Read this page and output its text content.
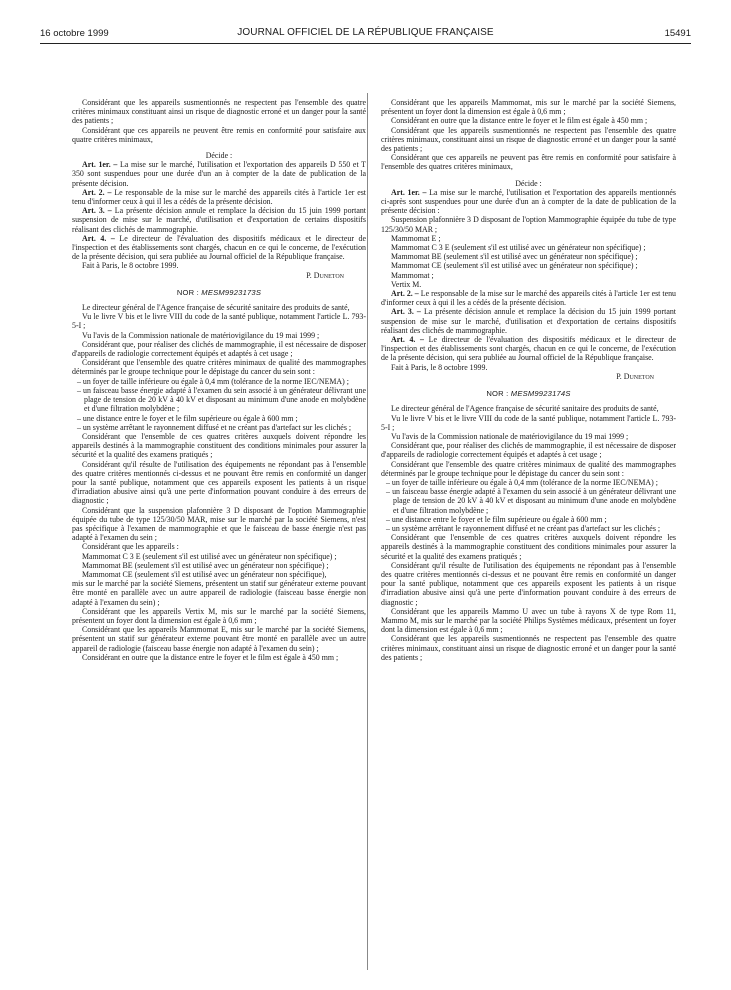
16 octobre 1999	JOURNAL OFFICIEL DE LA RÉPUBLIQUE FRANÇAISE	15491

Considérant que les appareils susmentionnés ne respectent pas l'ensemble des quatre critères minimaux constituant ainsi un risque de diagnostic erroné et un danger pour la santé des patients ;

Considérant que ces appareils ne peuvent être remis en conformité pour satisfaire aux quatre critères minimaux,

Décide :

Art. 1er. – La mise sur le marché, l'utilisation et l'exportation des appareils D 550 et T 350 sont suspendues pour une durée d'un an à compter de la date de publication de la présente décision.

Art. 2. – Le responsable de la mise sur le marché des appareils cités à l'article 1er est tenu d'informer ceux à qui il les a cédés de la présente décision.

Art. 3. – La présente décision annule et remplace la décision du 15 juin 1999 portant suspension de mise sur le marché, d'utilisation et d'exportation de certains dispositifs réalisant des clichés de mammographie.

Art. 4. – Le directeur de l'évaluation des dispositifs médicaux et le directeur de l'inspection et des établissements sont chargés, chacun en ce qui le concerne, de l'exécution de la présente décision, qui sera publiée au Journal officiel de la République française.

Fait à Paris, le 8 octobre 1999.

P. Duneton

NOR : MESM9923173S

Le directeur général de l'Agence française de sécurité sanitaire des produits de santé,

Vu le livre V bis et le livre VIII du code de la santé publique, notamment l'article L. 793-5-I ;

Vu l'avis de la Commission nationale de matériovigilance du 19 mai 1999 ;

Considérant que, pour réaliser des clichés de mammographie, il est nécessaire de disposer d'appareils de radiologie correctement équipés et adaptés à cet usage ;

Considérant que l'ensemble des quatre critères minimaux de qualité des mammographes déterminés par le groupe technique pour le dépistage du cancer du sein sont :

– un foyer de taille inférieure ou égale à 0,4 mm (tolérance de la norme IEC/NEMA) ;

– un faisceau basse énergie adapté à l'examen du sein associé à un générateur délivrant une plage de tension de 20 kV à 40 kV et disposant au minimum d'une anode en molybdène et d'une filtration molybdène ;

– une distance entre le foyer et le film supérieure ou égale à 600 mm ;

– un système arrêtant le rayonnement diffusé et ne créant pas d'artefact sur les clichés ;

Considérant que l'ensemble de ces quatres critères auxquels doivent répondre les appareils destinés à la mammographie constituent des conditions minimales pour assurer la sécurité et la qualité des examens pratiqués ;

Considérant qu'il résulte de l'utilisation des équipements ne répondant pas à l'ensemble des quatre critères mentionnés ci-dessus et ne pouvant être remis en conformité un danger pour la santé publique, notamment que ces appareils exposent les patients à un risque d'irradiation abusive ainsi qu'à une perte d'information pouvant conduire à des erreurs de diagnostic ;

Considérant que la suspension plafonnière 3 D disposant de l'option Mammographie équipée du tube de type 125/30/50 MAR, mise sur le marché par la société Siemens, n'est pas spécifique à l'examen de mammographie et que le faisceau de basse énergie n'est pas adapté à l'examen du sein ;

Considérant que les appareils :

Mammomat C 3 E (seulement s'il est utilisé avec un générateur non spécifique) ;

Mammomat BE (seulement s'il est utilisé avec un générateur non spécifique) ;

Mammomat CE (seulement s'il est utilisé avec un générateur non spécifique),

mis sur le marché par la société Siemens, présentent un statif sur générateur externe pouvant être monté en parallèle avec un autre appareil de radiologie (faisceau basse énergie non adapté à l'examen du sein) ;

Considérant que les appareils Vertix M, mis sur le marché par la société Siemens, présentent un foyer dont la dimension est égale à 0,6 mm ;

Considérant que les appareils Mammomat E, mis sur le marché par la société Siemens, présentent un statif sur générateur externe pouvant être monté en parallèle avec un autre appareil de radiologie (faisceau basse énergie non adapté à l'examen du sein) ;

Considérant en outre que la distance entre le foyer et le film est égale à 450 mm ;

Considérant que les appareils Mammomat, mis sur le marché par la société Siemens, présentent un foyer dont la dimension est égale à 0,6 mm ;

Considérant en outre que la distance entre le foyer et le film est égale à 450 mm ;

Considérant que les appareils susmentionnés ne respectent pas l'ensemble des quatre critères minimaux, constituant ainsi un risque de diagnostic erroné et un danger pour la santé des patients ;

Considérant que ces appareils ne peuvent pas être remis en conformité pour satisfaire à l'ensemble des quatres critères minimaux,

Décide :

Art. 1er. – La mise sur le marché, l'utilisation et l'exportation des appareils mentionnés ci-après sont suspendues pour une durée d'un an à compter de la date de publication de la présente décision :

Suspension plafonnière 3 D disposant de l'option Mammographie équipée du tube de type 125/30/50 MAR ;

Mammomat E ;

Mammomat C 3 E (seulement s'il est utilisé avec un générateur non spécifique) ;

Mammomat BE (seulement s'il est utilisé avec un générateur non spécifique) ;

Mammomat CE (seulement s'il est utilisé avec un générateur non spécifique) ;

Mammomat ;

Vertix M.

Art. 2. – Le responsable de la mise sur le marché des appareils cités à l'article 1er est tenu d'informer ceux à qui il les a cédés de la présente décision.

Art. 3. – La présente décision annule et remplace la décision du 15 juin 1999 portant suspension de mise sur le marché, d'utilisation et d'exportation de certains dispositifs réalisant des clichés de mammographie.

Art. 4. – Le directeur de l'évaluation des dispositifs médicaux et le directeur de l'inspection et des établissements sont chargés, chacun en ce qui le concerne, de l'exécution de la présente décision, qui sera publiée au Journal officiel de la République française.

Fait à Paris, le 8 octobre 1999.

P. Duneton

NOR : MESM9923174S

Le directeur général de l'Agence française de sécurité sanitaire des produits de santé,

Vu le livre V bis et le livre VIII du code de la santé publique, notamment l'article L. 793-5-I ;

Vu l'avis de la Commission nationale de matériovigilance du 19 mai 1999 ;

Considérant que, pour réaliser des clichés de mammographie, il est nécessaire de disposer d'appareils de radiologie correctement équipés et adaptés à cet usage ;

Considérant que l'ensemble des quatre critères minimaux de qualité des mammographes déterminés par le groupe technique pour le dépistage du cancer du sein sont :

– un foyer de taille inférieure ou égale à 0,4 mm (tolérance de la norme IEC/NEMA) ;

– un faisceau basse énergie adapté à l'examen du sein associé à un générateur délivrant une plage de tension de 20 kV à 40 kV et disposant au minimum d'une anode en molybdène et d'une filtration molybdène ;

– une distance entre le foyer et le film supérieure ou égale à 600 mm ;

– un système arrêtant le rayonnement diffusé et ne créant pas d'artefact sur les clichés ;

Considérant que l'ensemble de ces quatres critères auxquels doivent répondre les appareils destinés à la mammographie constituent des conditions minimales pour assurer la sécurité et la qualité des examens pratiqués ;

Considérant qu'il résulte de l'utilisation des équipements ne répondant pas à l'ensemble des quatre critères mentionnés ci-dessus et ne pouvant être remis en conformité un danger pour la santé publique, notamment que ces appareils exposent les patients à un risque d'irradiation abusive ainsi qu'à une perte d'information pouvant conduire à des erreurs de diagnostic ;

Considérant que les appareils Mammo U avec un tube à rayons X de type Rom 11, Mammo M, mis sur le marché par la société Philips Systèmes médicaux, présentent un foyer dont la dimension est égale à 0,6 mm ;

Considérant que les appareils susmentionnés ne respectent pas l'ensemble des quatre critères minimaux, constituant ainsi un risque de diagnostic erroné et un danger pour la santé des patients ;
